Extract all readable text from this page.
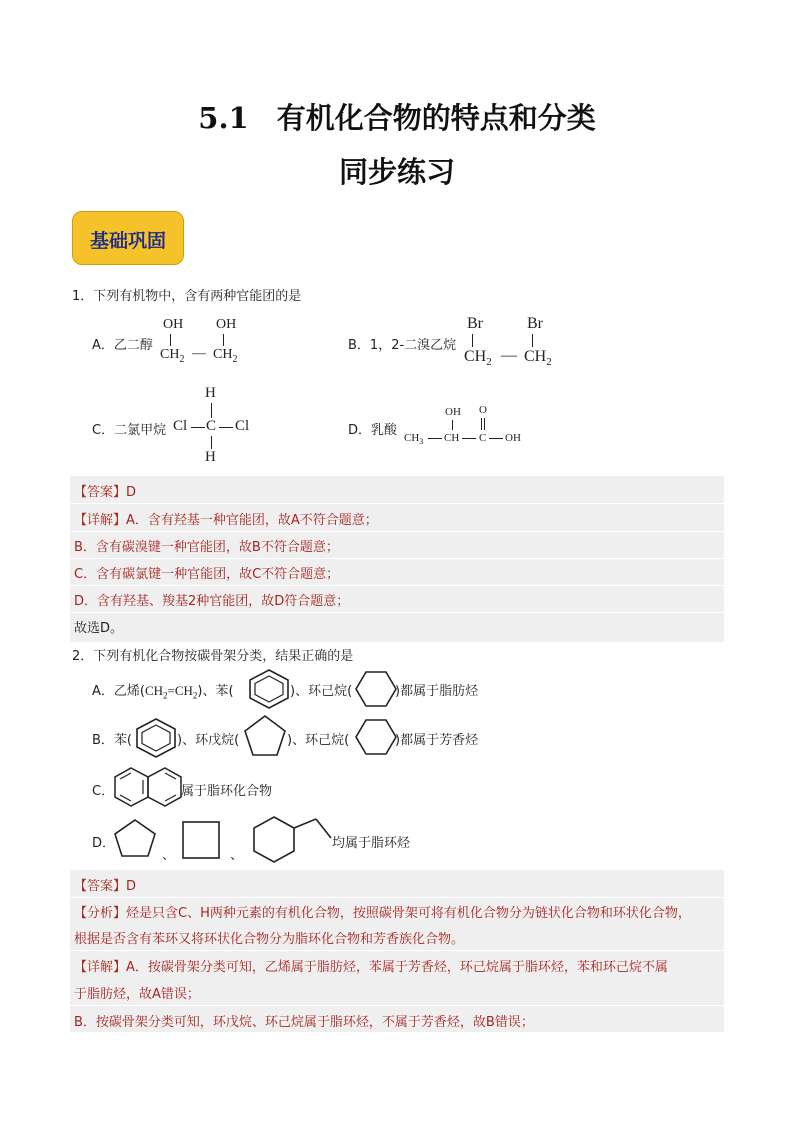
5.1 有机化合物的特点和分类
同步练习
基础巩固
1．下列有机物中，含有两种官能团的是
A．乙二醇
OH OH
$CH_2$ — $CH_2$
B．1，2-二溴乙烷
Br	Br
$CH_2$ — $CH_2$
C．二氯甲烷
H
Cl C Cl
H
D．乳酸
OH O
$CH_3$ CH C OH
【答案】D
【详解】A．含有羟基一种官能团，故A不符合题意；
B．含有碳溴键一种官能团，故B不符合题意；
C．含有碳氯键一种官能团，故C不符合题意；
D．含有羟基、羧基2种官能团，故D符合题意；
故选D。
2．下列有机化合物按碳骨架分类，结果正确的是
A．乙烯$(CH_2=CH_2)$、苯(	)、环己烷(	)都属于脂肪烃
B．苯(	)、环戊烷(	)、环己烷(	)都属于芳香烃
C．	属于脂环化合物
D．
、	、
均属于脂环烃
【答案】D
【分析】烃是只含C、H两种元素的有机化合物，按照碳骨架可将有机化合物分为链状化合物和环状化合物，
根据是否含有苯环又将环状化合物分为脂环化合物和芳香族化合物。
【详解】A．按碳骨架分类可知，乙烯属于脂肪烃，苯属于芳香烃，环己烷属于脂环烃，苯和环己烷不属
于脂肪烃，故A错误；
B．按碳骨架分类可知，环戊烷、环己烷属于脂环烃，不属于芳香烃，故B错误；
